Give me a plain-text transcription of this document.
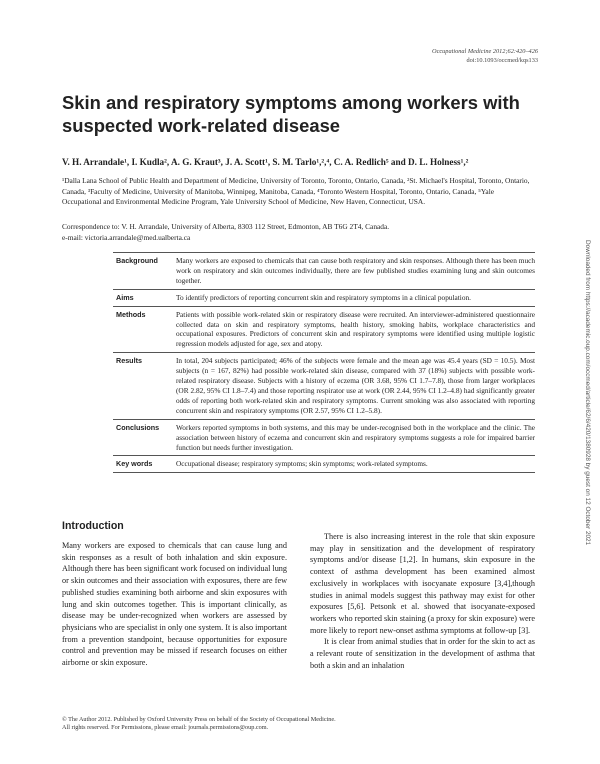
Occupational Medicine 2012;62:420–426
doi:10.1093/occmed/kqs133
Skin and respiratory symptoms among workers with suspected work-related disease
V. H. Arrandale¹, I. Kudla², A. G. Kraut³, J. A. Scott¹, S. M. Tarlo¹,²,⁴, C. A. Redlich⁵ and D. L. Holness¹,²
¹Dalla Lana School of Public Health and Department of Medicine, University of Toronto, Toronto, Ontario, Canada, ²St. Michael's Hospital, Toronto, Ontario, Canada, ³Faculty of Medicine, University of Manitoba, Winnipeg, Manitoba, Canada, ⁴Toronto Western Hospital, Toronto, Ontario, Canada, ⁵Yale Occupational and Environmental Medicine Program, Yale University School of Medicine, New Haven, Connecticut, USA.
Correspondence to: V. H. Arrandale, University of Alberta, 8303 112 Street, Edmonton, AB T6G 2T4, Canada.
e-mail: victoria.arrandale@med.ualberta.ca
Background	Many workers are exposed to chemicals that can cause both respiratory and skin responses. Although there has been much work on respiratory and skin outcomes individually, there are few published studies examining lung and skin outcomes together.
Aims	To identify predictors of reporting concurrent skin and respiratory symptoms in a clinical population.
Methods	Patients with possible work-related skin or respiratory disease were recruited. An interviewer-administered questionnaire collected data on skin and respiratory symptoms, health history, smoking habits, workplace characteristics and occupational exposures. Predictors of concurrent skin and respiratory symptoms were identified using multiple logistic regression models adjusted for age, sex and atopy.
Results	In total, 204 subjects participated; 46% of the subjects were female and the mean age was 45.4 years (SD = 10.5). Most subjects (n = 167, 82%) had possible work-related skin disease, compared with 37 (18%) subjects with possible work-related respiratory disease. Subjects with a history of eczema (OR 3.68, 95% CI 1.7–7.8), those from larger workplaces (OR 2.82, 95% CI 1.8–7.4) and those reporting respirator use at work (OR 2.44, 95% CI 1.2–4.8) had significantly greater odds of reporting both work-related skin and respiratory symptoms. Current smoking was also associated with reporting concurrent skin and respiratory symptoms (OR 2.57, 95% CI 1.2–5.8).
Conclusions	Workers reported symptoms in both systems, and this may be under-recognised both in the workplace and the clinic. The association between history of eczema and concurrent skin and respiratory symptoms suggests a role for impaired barrier function but needs further investigation.
Key words	Occupational disease; respiratory symptoms; skin symptoms; work-related symptoms.
Introduction

Many workers are exposed to chemicals that can cause lung and skin responses as a result of both inhalation and skin exposure. Although there has been significant work focused on individual lung or skin outcomes and their association with exposures, there are few published studies examining both airborne and skin exposures with lung and skin outcomes together. This is important clinically, as disease may be under-recognized when workers are assessed by physicians who are specialist in only one system. It is also important from a prevention standpoint, because opportunities for exposure control and prevention may be missed if research focuses on either airborne or skin exposure.

There is also increasing interest in the role that skin exposure may play in sensitization and the development of respiratory symptoms and/or disease [1,2]. In humans, skin exposure in the context of asthma development has been examined almost exclusively in workplaces with isocyanate exposure [3,4],though studies in animal models suggest this pathway may exist for other exposures [5,6]. Petsonk et al. showed that isocyanate-exposed workers who reported skin staining (a proxy for skin exposure) were more likely to report new-onset asthma symptoms at follow-up [3].

It is clear from animal studies that in order for the skin to act as a relevant route of sensitization in the development of asthma that both a skin and an inhalation

© The Author 2012. Published by Oxford University Press on behalf of the Society of Occupational Medicine.
All rights reserved. For Permissions, please email: journals.permissions@oup.com.
Downloaded from https://academic.oup.com/occmed/article/62/6/420/1380928 by guest on 12 October 2021
